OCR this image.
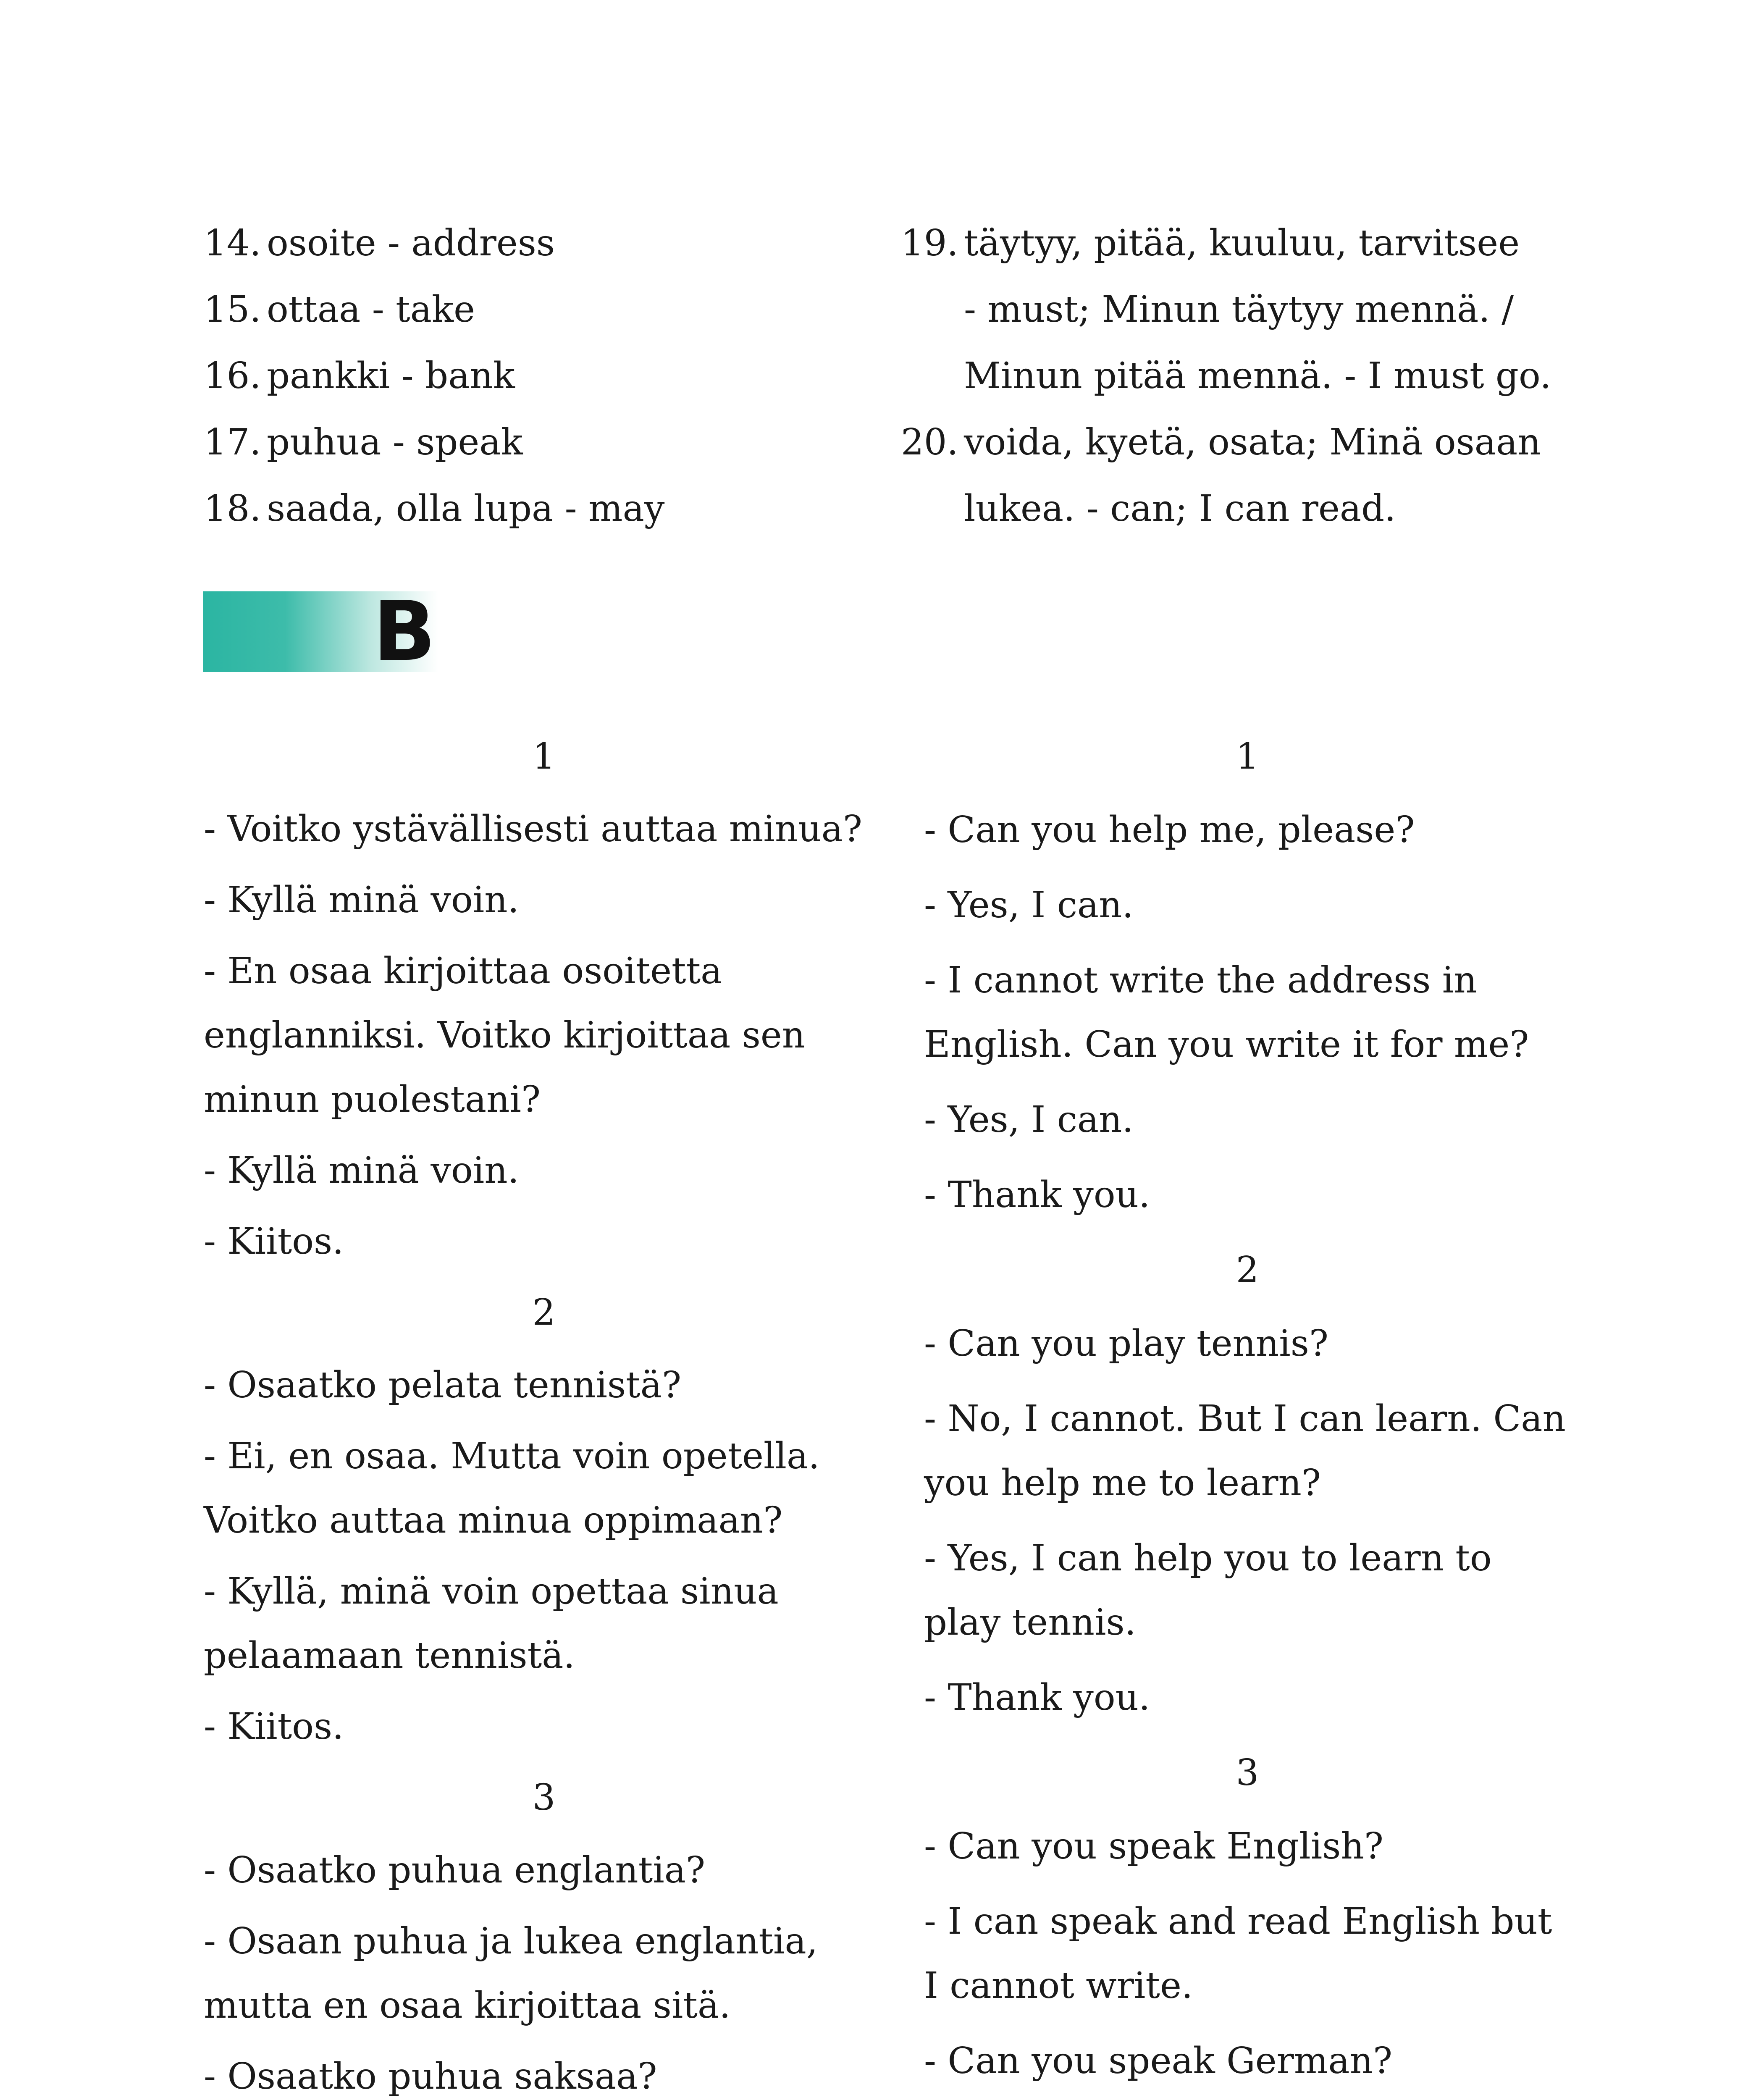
14. osoite - address
15. ottaa - take
16. pankki - bank
17. puhua - speak
18. saada, olla lupa - may
19. täytyy, pitää, kuuluu, tarvitsee
- must; Minun täytyy mennä. /
Minun pitää mennä. - I must go.
20. voida, kyetä, osata; Minä osaan
lukea. - can; I can read.
B
1
- Voitko ystävällisesti auttaa minua?
- Kyllä minä voin.
- En osaa kirjoittaa osoitetta englanniksi. Voitko kirjoittaa sen minun puolestani?
- Kyllä minä voin.
- Kiitos.
2
- Osaatko pelata tennistä?
- Ei, en osaa. Mutta voin opetella. Voitko auttaa minua oppimaan?
- Kyllä, minä voin opettaa sinua pelaamaan tennistä.
- Kiitos.
3
- Osaatko puhua englantia?
- Osaan puhua ja lukea englantia, mutta en osaa kirjoittaa sitä.
- Osaatko puhua saksaa?
1
- Can you help me, please?
- Yes, I can.
- I cannot write the address in English. Can you write it for me?
- Yes, I can.
- Thank you.
2
- Can you play tennis?
- No, I cannot. But I can learn. Can you help me to learn?
- Yes, I can help you to learn to play tennis.
- Thank you.
3
- Can you speak English?
- I can speak and read English but I cannot write.
- Can you speak German?
